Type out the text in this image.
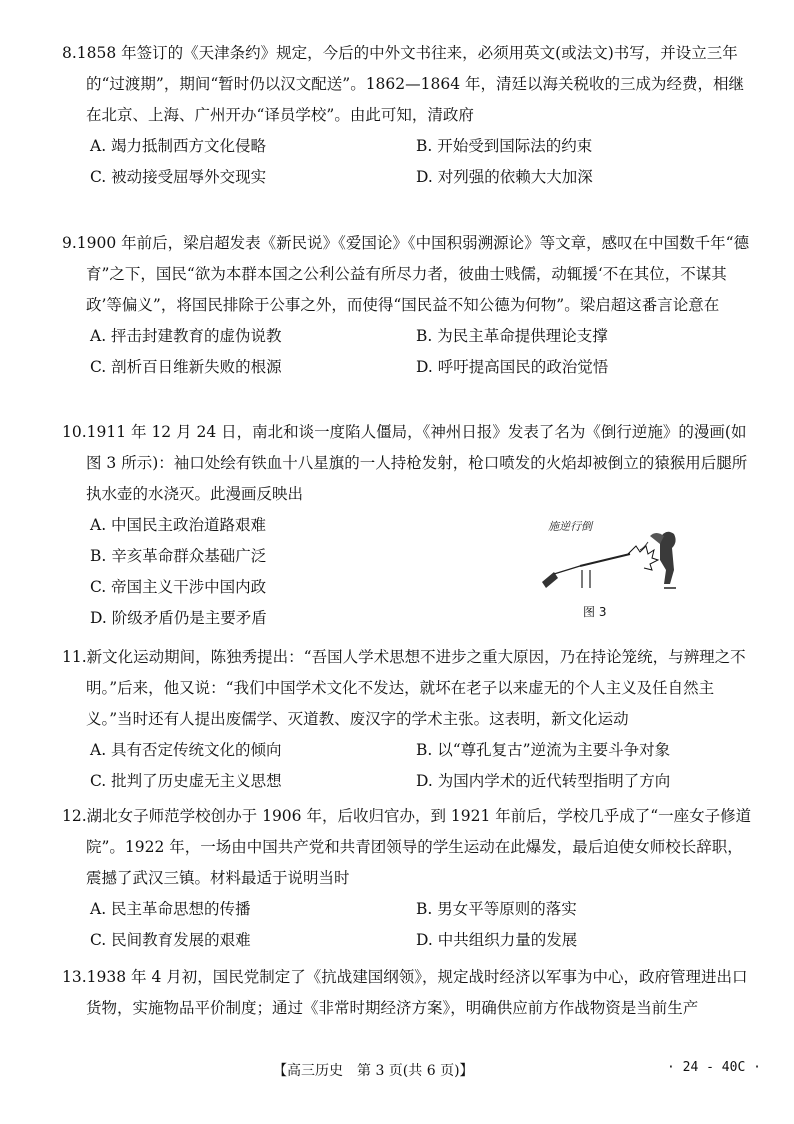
8.1858 年签订的《天津条约》规定，今后的中外文书往来，必须用英文(或法文)书写，并设立三年的“过渡期”，期间“暂时仍以汉文配送”。1862—1864 年，清廷以海关税收的三成为经费，相继在北京、上海、广州开办“译员学校”。由此可知，清政府

A. 竭力抵制西方文化侵略	B. 开始受到国际法的约束
C. 被动接受屈辱外交现实	D. 对列强的依赖大大加深

9.1900 年前后，梁启超发表《新民说》《爱国论》《中国积弱溯源论》等文章，感叹在中国数千年“德育”之下，国民“欲为本群本国之公利公益有所尽力者，彼曲士贱儒，动辄援‘不在其位，不谋其政’等偏义”，将国民排除于公事之外，而使得“国民益不知公德为何物”。梁启超这番言论意在

A. 抨击封建教育的虚伪说教	B. 为民主革命提供理论支撑
C. 剖析百日维新失败的根源	D. 呼吁提高国民的政治觉悟

10.1911 年 12 月 24 日，南北和谈一度陷人僵局，《神州日报》发表了名为《倒行逆施》的漫画(如图 3 所示)：袖口处绘有铁血十八星旗的一人持枪发射，枪口喷发的火焰却被倒立的猿猴用后腿所执水壶的水浇灭。此漫画反映出

A. 中国民主政治道路艰难
B. 辛亥革命群众基础广泛
C. 帝国主义干涉中国内政
D. 阶级矛盾仍是主要矛盾
施逆行倒
图 3

11.新文化运动期间，陈独秀提出：“吾国人学术思想不进步之重大原因，乃在持论笼统，与辨理之不明。”后来，他又说：“我们中国学术文化不发达，就坏在老子以来虚无的个人主义及任自然主义。”当时还有人提出废儒学、灭道教、废汉字的学术主张。这表明，新文化运动

A. 具有否定传统文化的倾向	B. 以“尊孔复古”逆流为主要斗争对象
C. 批判了历史虚无主义思想	D. 为国内学术的近代转型指明了方向

12.湖北女子师范学校创办于 1906 年，后收归官办，到 1921 年前后，学校几乎成了“一座女子修道院”。1922 年，一场由中国共产党和共青团领导的学生运动在此爆发，最后迫使女师校长辞职，震撼了武汉三镇。材料最适于说明当时

A. 民主革命思想的传播	B. 男女平等原则的落实
C. 民间教育发展的艰难	D. 中共组织力量的发展

13.1938 年 4 月初，国民党制定了《抗战建国纲领》，规定战时经济以军事为中心，政府管理进出口货物，实施物品平价制度；通过《非常时期经济方案》，明确供应前方作战物资是当前生产

【高三历史　第 3 页(共 6 页)】	· 24 - 40C ·
